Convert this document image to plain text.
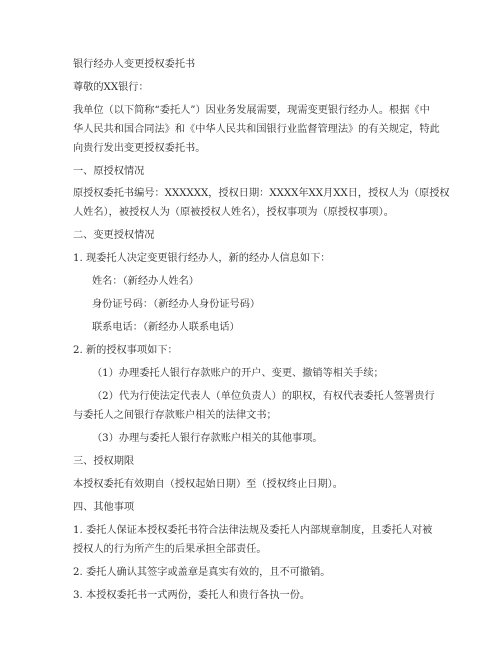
银行经办人变更授权委托书
尊敬的XX银行：
我单位（以下简称“委托人”）因业务发展需要，现需变更银行经办人。根据《中
华人民共和国合同法》和《中华人民共和国银行业监督管理法》的有关规定，特此
向贵行发出变更授权委托书。
一、原授权情况
原授权委托书编号：XXXXXX，授权日期：XXXX年XX月XX日，授权人为（原授权
人姓名），被授权人为（原被授权人姓名），授权事项为（原授权事项）。
二、变更授权情况
1. 现委托人决定变更银行经办人，新的经办人信息如下：
姓名：（新经办人姓名）
身份证号码：（新经办人身份证号码）
联系电话：（新经办人联系电话）
2. 新的授权事项如下：
（1）办理委托人银行存款账户的开户、变更、撤销等相关手续；
（2）代为行使法定代表人（单位负责人）的职权，有权代表委托人签署贵行
与委托人之间银行存款账户相关的法律文书；
（3）办理与委托人银行存款账户相关的其他事项。
三、授权期限
本授权委托有效期自（授权起始日期）至（授权终止日期）。
四、其他事项
1. 委托人保证本授权委托书符合法律法规及委托人内部规章制度，且委托人对被
授权人的行为所产生的后果承担全部责任。
2. 委托人确认其签字或盖章是真实有效的，且不可撤销。
3. 本授权委托书一式两份，委托人和贵行各执一份。
